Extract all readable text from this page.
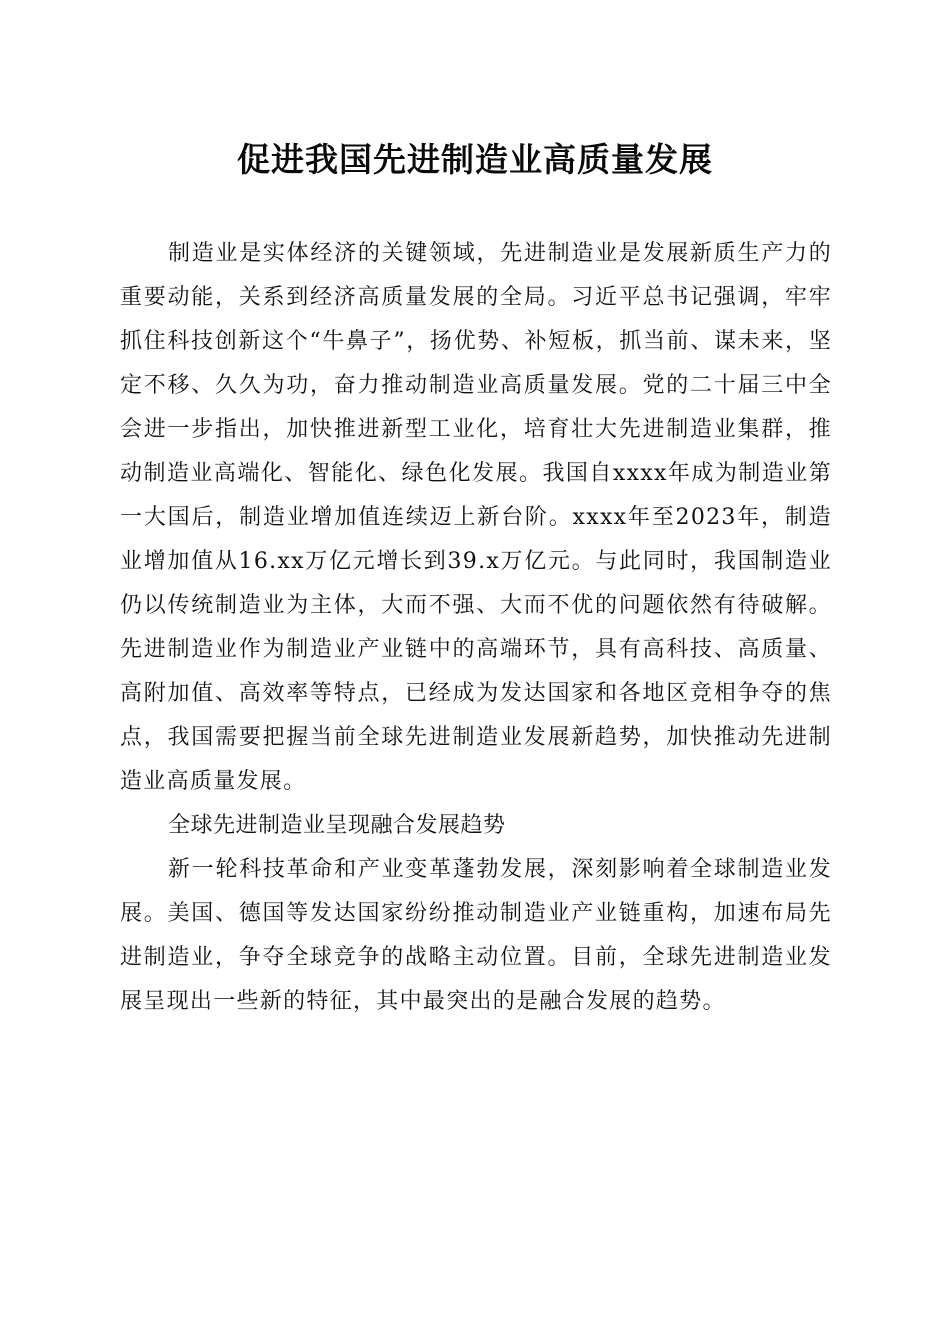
促进我国先进制造业高质量发展

制造业是实体经济的关键领域，先进制造业是发展新质生产力的重要动能，关系到经济高质量发展的全局。习近平总书记强调，牢牢抓住科技创新这个“牛鼻子”，扬优势、补短板，抓当前、谋未来，坚定不移、久久为功，奋力推动制造业高质量发展。党的二十届三中全会进一步指出，加快推进新型工业化，培育壮大先进制造业集群，推动制造业高端化、智能化、绿色化发展。我国自xxxx年成为制造业第一大国后，制造业增加值连续迈上新台阶。xxxx年至2023年，制造业增加值从16.xx万亿元增长到39.x万亿元。与此同时，我国制造业仍以传统制造业为主体，大而不强、大而不优的问题依然有待破解。先进制造业作为制造业产业链中的高端环节，具有高科技、高质量、高附加值、高效率等特点，已经成为发达国家和各地区竞相争夺的焦点，我国需要把握当前全球先进制造业发展新趋势，加快推动先进制造业高质量发展。

全球先进制造业呈现融合发展趋势

新一轮科技革命和产业变革蓬勃发展，深刻影响着全球制造业发展。美国、德国等发达国家纷纷推动制造业产业链重构，加速布局先进制造业，争夺全球竞争的战略主动位置。目前，全球先进制造业发展呈现出一些新的特征，其中最突出的是融合发展的趋势。
